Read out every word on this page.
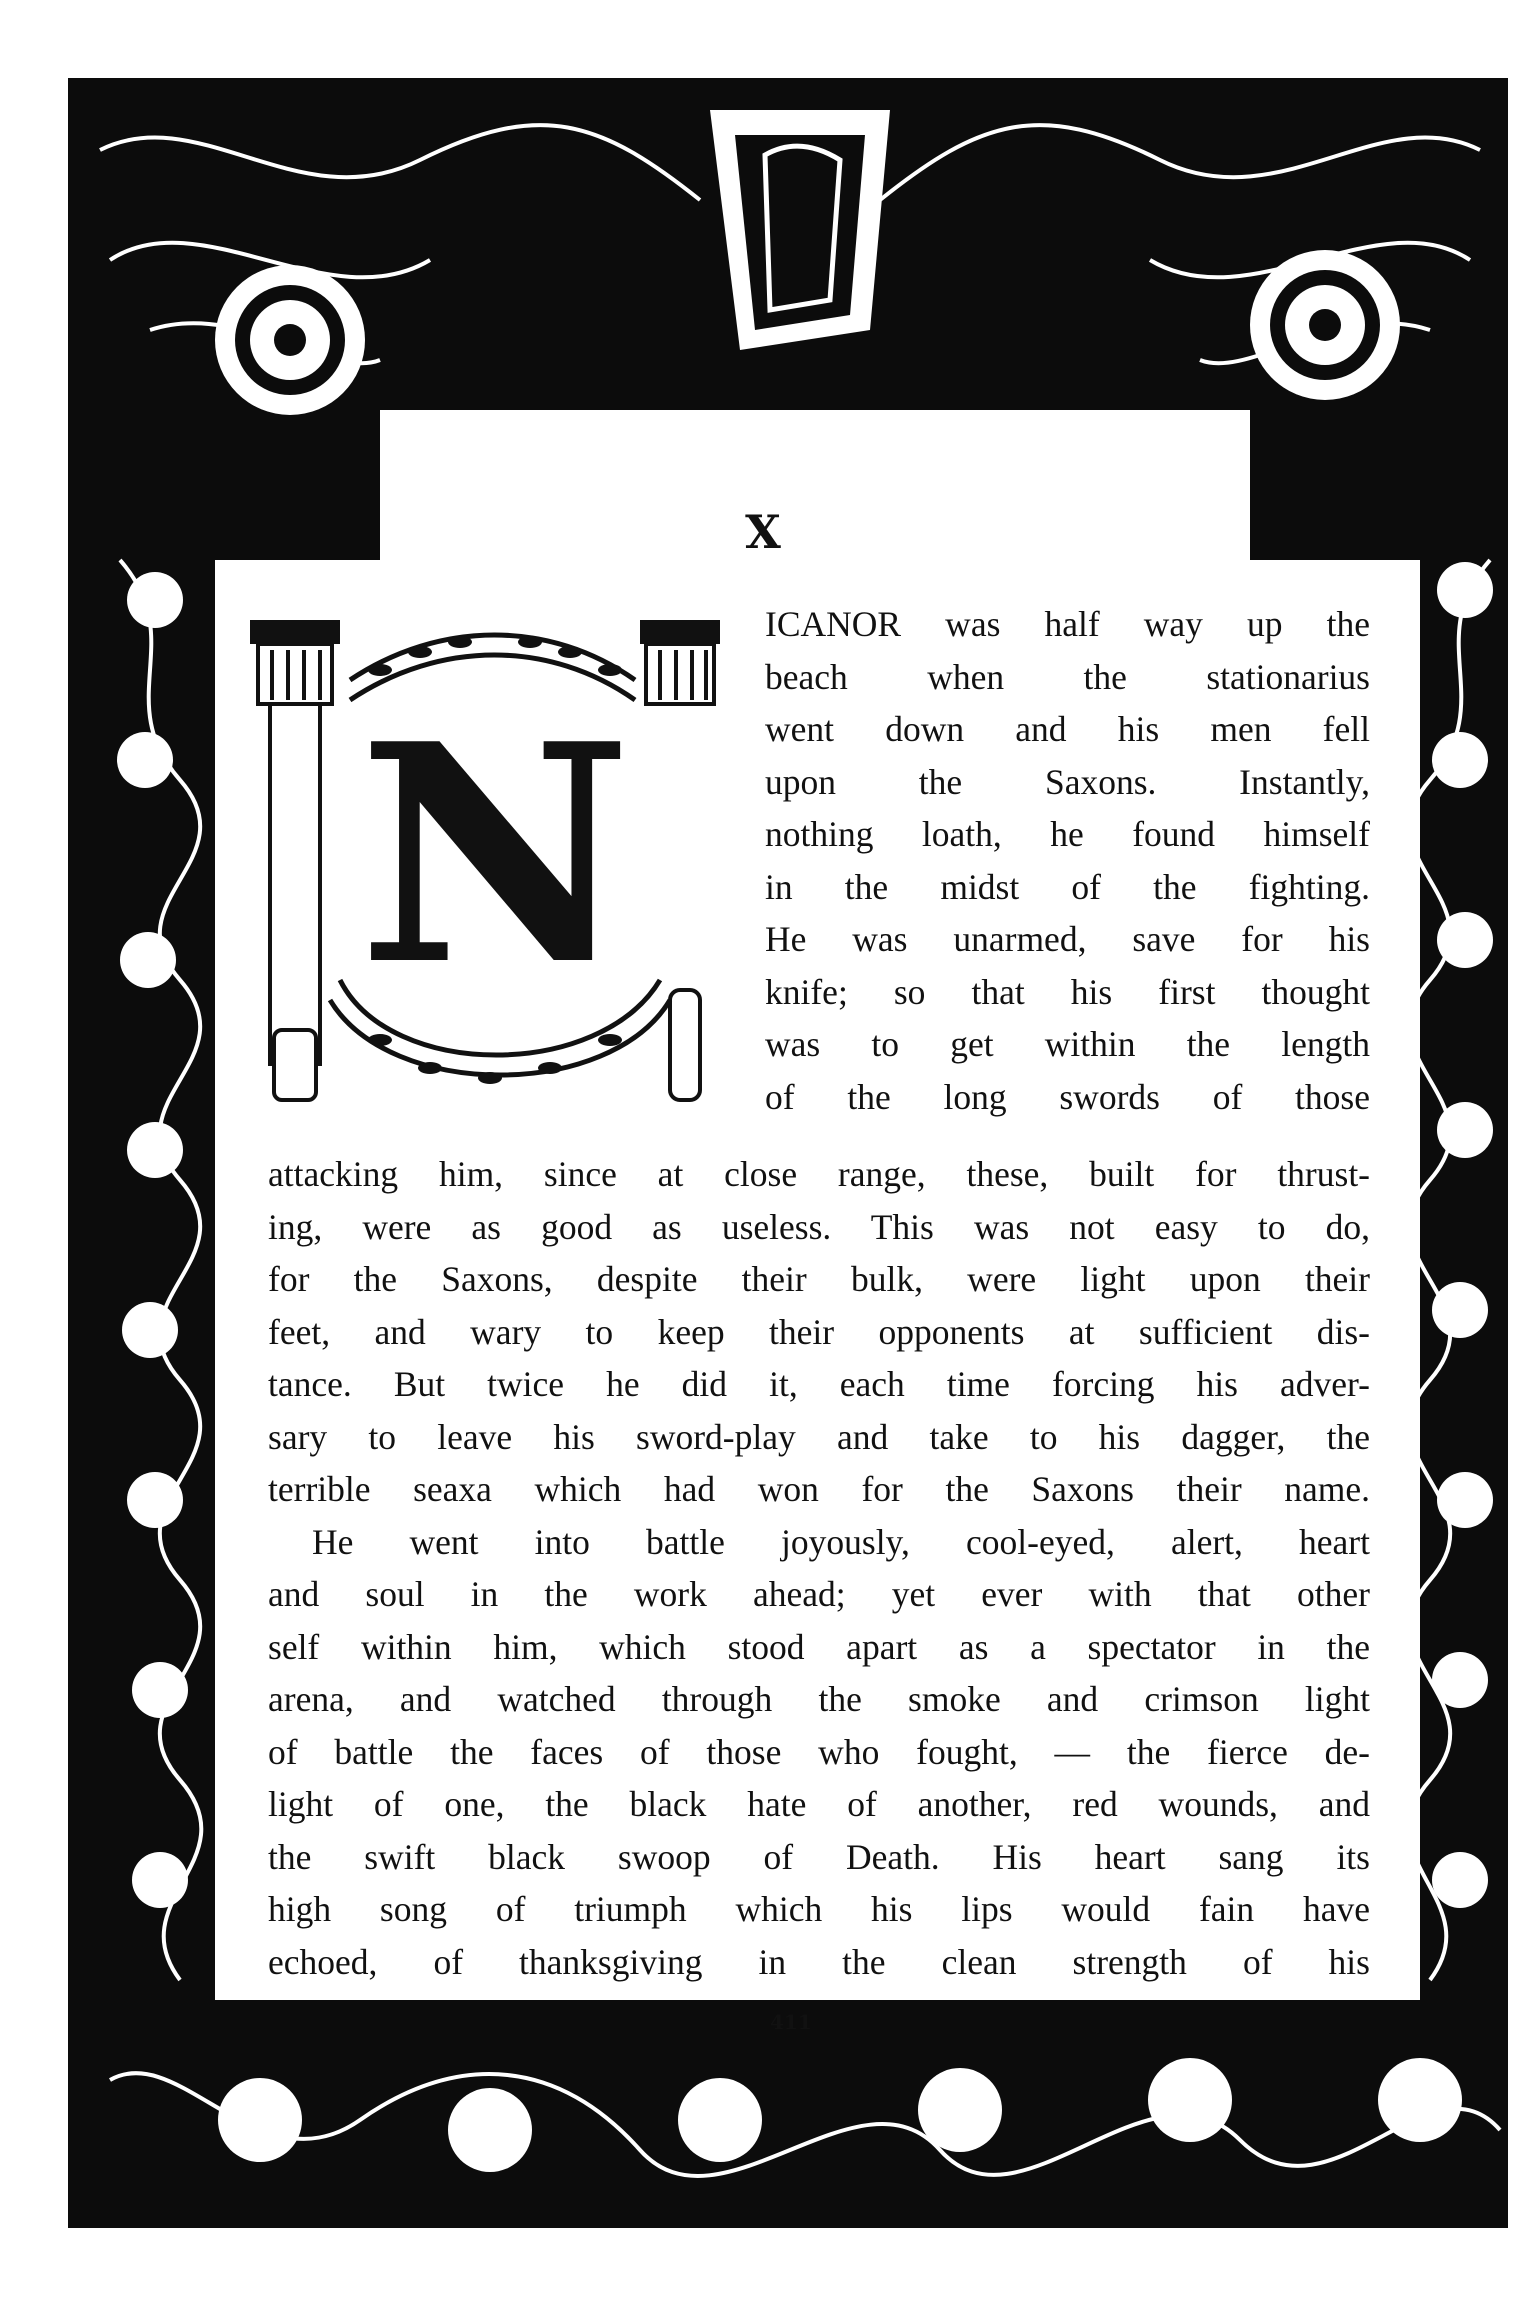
X
N
ICANOR was half way up the
beach when the stationarius
went down and his men fell
upon the Saxons. Instantly,
nothing loath, he found himself
in the midst of the fighting.
He was unarmed, save for his
knife; so that his first thought
was to get within the length
of the long swords of those
attacking him, since at close range, these, built for thrust-
ing, were as good as useless. This was not easy to do,
for the Saxons, despite their bulk, were light upon their
feet, and wary to keep their opponents at sufficient dis-
tance. But twice he did it, each time forcing his adver-
sary to leave his sword-play and take to his dagger, the
terrible seaxa which had won for the Saxons their name.
He went into battle joyously, cool-eyed, alert, heart
and soul in the work ahead; yet ever with that other
self within him, which stood apart as a spectator in the
arena, and watched through the smoke and crimson light
of battle the faces of those who fought, — the fierce de-
light of one, the black hate of another, red wounds, and
the swift black swoop of Death. His heart sang its
high song of triumph which his lips would fain have
echoed, of thanksgiving in the clean strength of his
411
